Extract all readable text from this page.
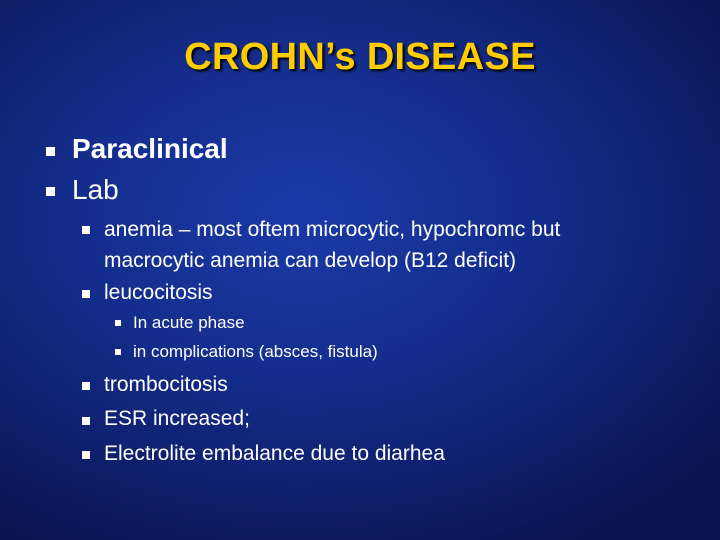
CROHN’s DISEASE
Paraclinical
Lab
anemia – most oftem microcytic, hypochromc but
macrocytic anemia can develop (B12 deficit)
leucocitosis
In acute phase
in complications (absces, fistula)
trombocitosis
ESR increased;
Electrolite embalance due to diarhea
